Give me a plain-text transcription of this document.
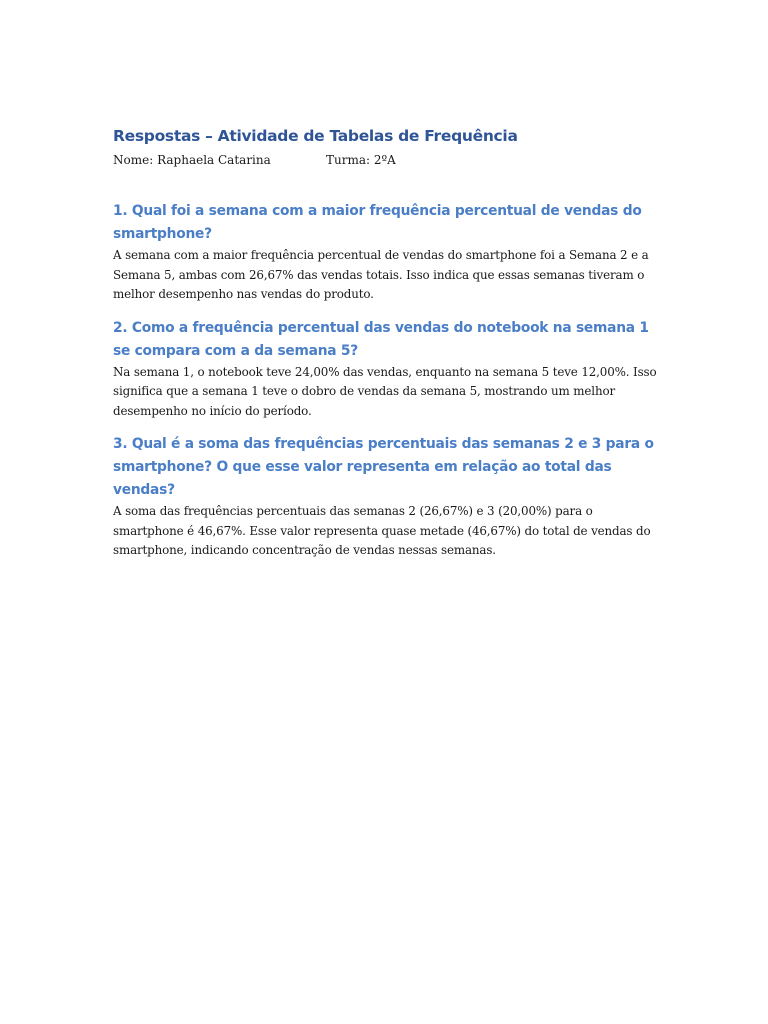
Respostas – Atividade de Tabelas de Frequência
Nome: Raphaela Catarina	Turma: 2ºA
1. Qual foi a semana com a maior frequência percentual de vendas do smartphone?

A semana com a maior frequência percentual de vendas do smartphone foi a Semana 2 e a Semana 5, ambas com 26,67% das vendas totais. Isso indica que essas semanas tiveram o melhor desempenho nas vendas do produto.

2. Como a frequência percentual das vendas do notebook na semana 1 se compara com a da semana 5?

Na semana 1, o notebook teve 24,00% das vendas, enquanto na semana 5 teve 12,00%. Isso significa que a semana 1 teve o dobro de vendas da semana 5, mostrando um melhor desempenho no início do período.

3. Qual é a soma das frequências percentuais das semanas 2 e 3 para o smartphone? O que esse valor representa em relação ao total das vendas?

A soma das frequências percentuais das semanas 2 (26,67%) e 3 (20,00%) para o smartphone é 46,67%. Esse valor representa quase metade (46,67%) do total de vendas do smartphone, indicando concentração de vendas nessas semanas.
